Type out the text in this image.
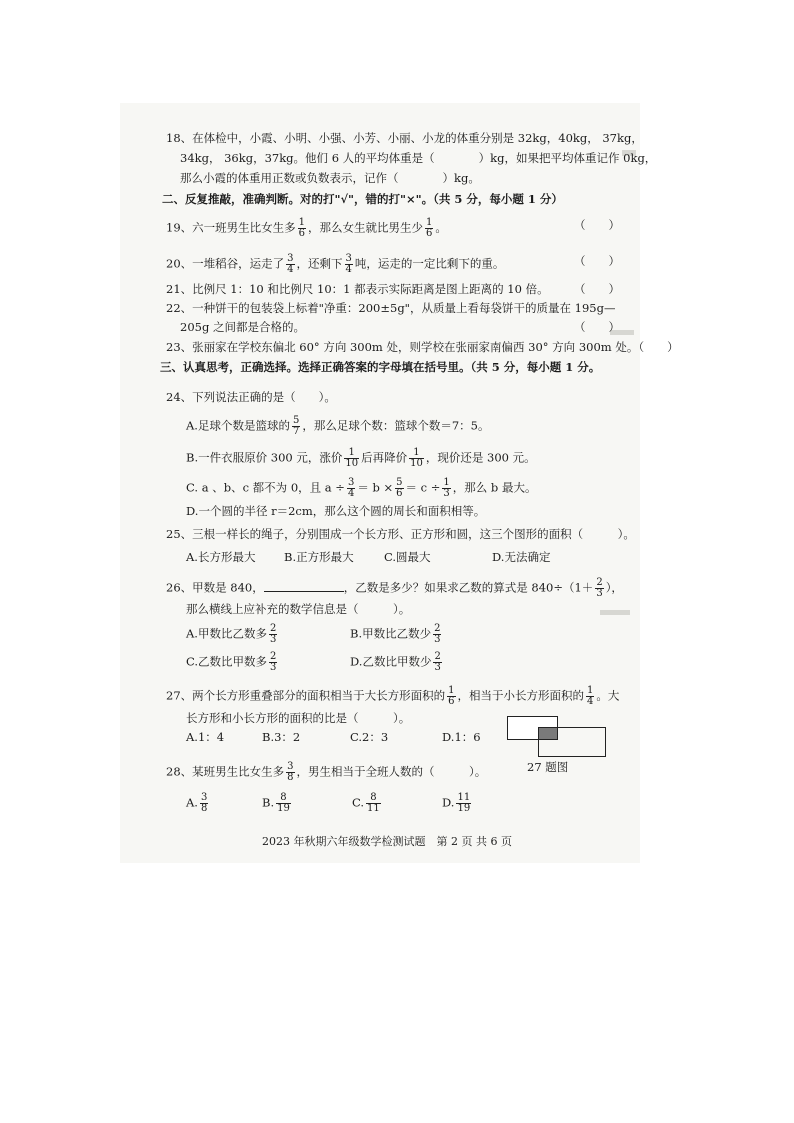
18、在体检中，小霞、小明、小强、小芳、小丽、小龙的体重分别是 32kg，40kg， 37kg，
34kg， 36kg，37kg。他们 6 人的平均体重是（	）kg，如果把平均体重记作 0kg，
那么小霞的体重用正数或负数表示，记作（	）kg。
二、反复推敲，准确判断。对的打"√"，错的打"×"。（共 5 分，每小题 1 分）
19、六一班男生比女生多 $\frac{1}{6}$ ，那么女生就比男生少 $\frac{1}{6}$ 。	（　　）
20、一堆稻谷，运走了 $\frac{3}{4}$ ，还剩下 $\frac{3}{4}$ 吨，运走的一定比剩下的重。	（　　）
21、比例尺 1：10 和比例尺 10：1 都表示实际距离是图上距离的 10 倍。 （　　）
22、一种饼干的包装袋上标着"净重：200±5g"，从质量上看每袋饼干的质量在 195g—
205g 之间都是合格的。	（　　）
23、张丽家在学校东偏北 60° 方向 300m 处，则学校在张丽家南偏西 30° 方向 300m 处。（　　）
三、认真思考，正确选择。选择正确答案的字母填在括号里。（共 5 分，每小题 1 分。
24、下列说法正确的是（　　）。
A.足球个数是篮球的 $\frac{5}{7}$ ，那么足球个数：篮球个数＝7：5。
B.一件衣服原价 300 元，涨价 $\frac{1}{10}$ 后再降价 $\frac{1}{10}$ ，现价还是 300 元。
C. a 、b、c 都不为 0，且 $a \div \frac{3}{4} = b \times \frac{5}{6} = c \div \frac{1}{3}$ ，那么 b 最大。
D.一个圆的半径 r＝2cm，那么这个圆的周长和面积相等。
25、三根一样长的绳子，分别围成一个长方形、正方形和圆，这三个图形的面积（　　　）。
A.长方形最大 B.正方形最大	C.圆最大	D.无法确定
26、甲数是 840，	，乙数是多少？如果求乙数的算式是 $840\div(1+ \frac{2}{3}$ ），
那么横线上应补充的数学信息是（　　　）。
A.甲数比乙数多 $\frac{2}{3}$	B.甲数比乙数少 $\frac{2}{3}$
C.乙数比甲数多 $\frac{2}{3}$	D.乙数比甲数少 $\frac{2}{3}$
27、两个长方形重叠部分的面积相当于大长方形面积的 $\frac{1}{6}$ ，相当于小长方形面积的 $\frac{1}{4}$ 。大
长方形和小长方形的面积的比是（　　　）。
A.1：4	B.3：2	C.2：3	D.1：6
27 题图
28、某班男生比女生多 $\frac{3}{8}$ ，男生相当于全班人数的（　　　）。
A. $\frac{3}{8}$	B. $\frac{8}{19}$	C. $\frac{8}{11}$	D. $\frac{11}{19}$
2023 年秋期六年级数学检测试题　第 2 页 共 6 页
